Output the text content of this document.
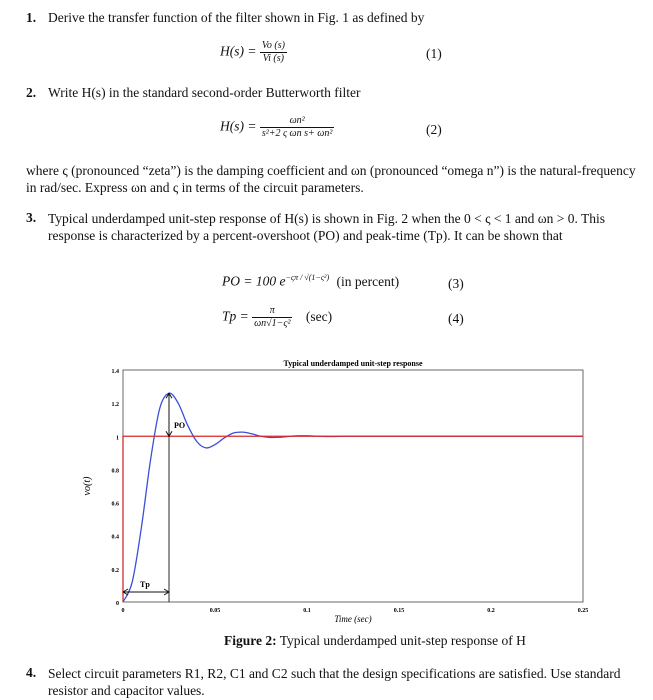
1. Derive the transfer function of the filter shown in Fig. 1 as defined by
$H(s) = \frac{Vo (s)}{Vi (s)}$	(1)
2. Write H(s) in the standard second-order Butterworth filter
$H(s) = \frac{\text{ωn²}}{\text{s²+2 ς ωn s+ ωn²}}$	(2)
where ς (pronounced “zeta”) is the damping coefficient and ωn (pronounced “omega n”) is the natural-frequency in rad/sec. Express ωn and ς in terms of the circuit parameters.
3. Typical underdamped unit-step response of H(s) is shown in Fig. 2 when the 0 < ς < 1 and ωn > 0. This response is characterized by a percent-overshoot (PO) and peak-time (Tp). It can be shown that
PO = 100 $e^{-\varsigma\pi / √(1-\varsigma^2)}$ (in percent)	(3)
$Tp = \frac{\pi}{\text{ωn√1−ς²}} (\sec)$	(4)
Typical underdamped unit-step response
0
0.2
0.4
0.6
0.8
1
1.2
1.4
0	0.05	0.1	0.15	0.2	0.25
PO
Tp
Time (sec)
vo(t)
Figure 2: Typical underdamped unit-step response of H
4. Select circuit parameters R1, R2, C1 and C2 such that the design specifications are satisfied. Use standard resistor and capacitor values.
